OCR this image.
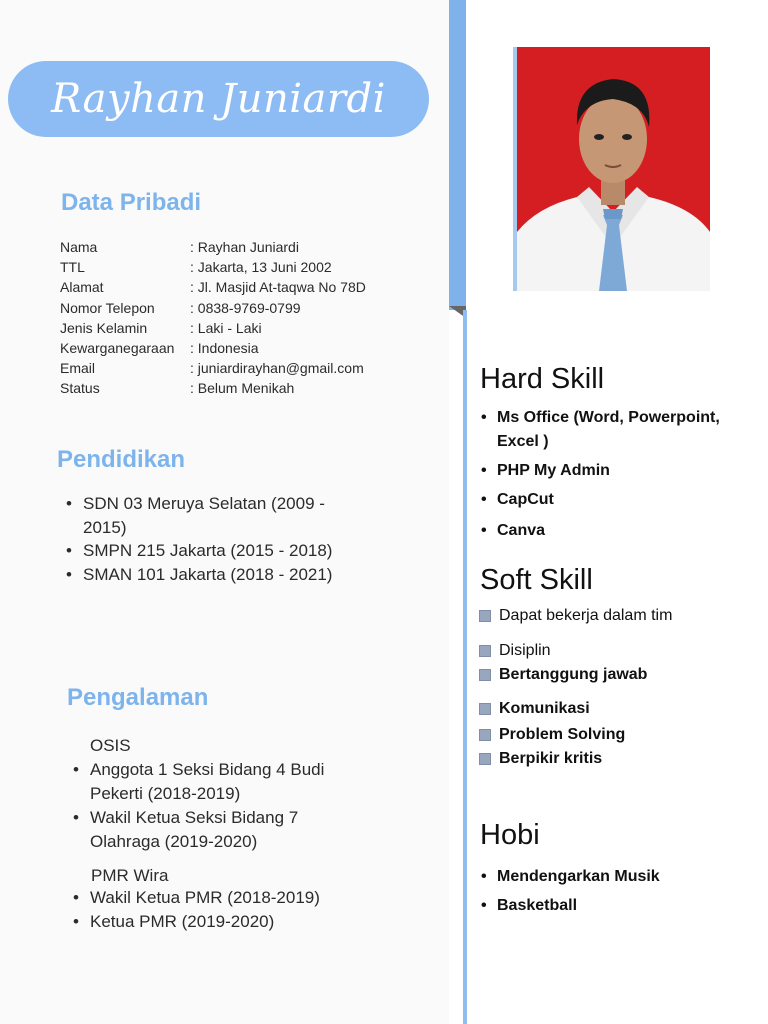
Rayhan Juniardi
Data Pribadi
Nama	: Rayhan Juniardi
TTL	: Jakarta, 13 Juni 2002
Alamat	: Jl. Masjid At-taqwa No 78D
Nomor Telepon	: 0838-9769-0799
Jenis Kelamin	: Laki - Laki
Kewarganegaraan	: Indonesia
Email	: juniardirayhan@gmail.com
Status	: Belum Menikah
Pendidikan
• SDN 03 Meruya Selatan (2009 - 2015)
• SMPN 215 Jakarta (2015 - 2018)
• SMAN 101 Jakarta (2018 - 2021)
Pengalaman
OSIS
• Anggota 1 Seksi Bidang 4 Budi Pekerti (2018-2019)
• Wakil Ketua Seksi Bidang 7 Olahraga (2019-2020)
PMR Wira
• Wakil Ketua PMR (2018-2019)
• Ketua PMR (2019-2020)
Hard Skill
• Ms Office (Word, Powerpoint, Excel )
• PHP My Admin
• CapCut
• Canva
Soft Skill
Dapat bekerja dalam tim
Disiplin
Bertanggung jawab
Komunikasi
Problem Solving
Berpikir kritis
Hobi
• Mendengarkan Musik
• Basketball
